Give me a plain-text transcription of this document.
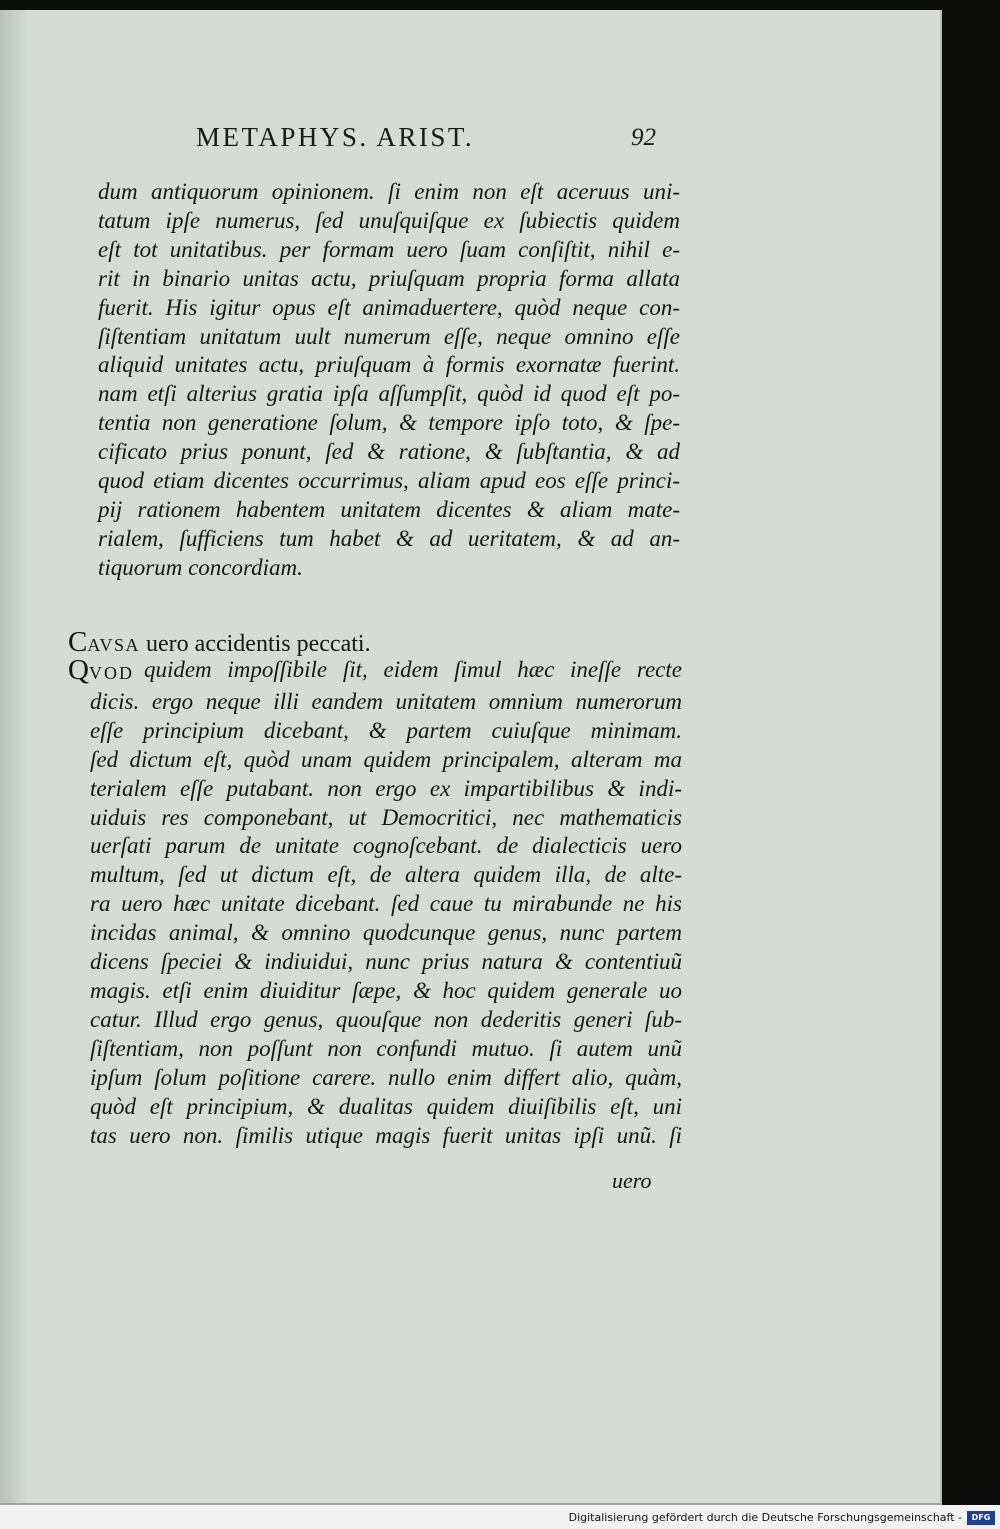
METAPHYS. ARIST.	92
dum antiquorum opinionem. ſi enim non eſt aceruus uni-
tatum ipſe numerus, ſed unuſquiſque ex ſubiectis quidem
eſt tot unitatibus. per formam uero ſuam conſiſtit, nihil e-
rit in binario unitas actu, priuſquam propria forma allata
fuerit. His igitur opus eſt animaduertere, quòd neque con-
ſiſtentiam unitatum uult numerum eſſe, neque omnino eſſe
aliquid unitates actu, priuſquam à formis exornatæ fuerint.
nam etſi alterius gratia ipſa aſſumpſit, quòd id quod eſt po-
tentia non generatione ſolum, & tempore ipſo toto, & ſpe-
cificato prius ponunt, ſed & ratione, & ſubſtantia, & ad
quod etiam dicentes occurrimus, aliam apud eos eſſe princi-
pij rationem habentem unitatem dicentes & aliam mate-
rialem, ſufficiens tum habet & ad ueritatem, & ad an-
tiquorum concordiam.
CAVSA uero accidentis peccati.
QVOD quidem impoſſibile ſit, eidem ſimul hæc ineſſe recte
dicis. ergo neque illi eandem unitatem omnium numerorum
eſſe principium dicebant, & partem cuiuſque minimam.
ſed dictum eſt, quòd unam quidem principalem, alteram ma
terialem eſſe putabant. non ergo ex impartibilibus & indi-
uiduis res componebant, ut Democritici, nec mathematicis
uerſati parum de unitate cognoſcebant. de dialecticis uero
multum, ſed ut dictum eſt, de altera quidem illa, de alte-
ra uero hæc unitate dicebant. ſed caue tu mirabunde ne his
incidas animal, & omnino quodcunque genus, nunc partem
dicens ſpeciei & indiuidui, nunc prius natura & contentiuũ
magis. etſi enim diuiditur ſæpe, & hoc quidem generale uo
catur. Illud ergo genus, quouſque non dederitis generi ſub-
ſiſtentiam, non poſſunt non confundi mutuo. ſi autem unũ
ipſum ſolum poſitione carere. nullo enim differt alio, quàm,
quòd eſt principium, & dualitas quidem diuiſibilis eſt, uni
tas uero non. ſimilis utique magis fuerit unitas ipſi unũ. ſi
uero
Digitalisierung gefördert durch die Deutsche Forschungsgemeinschaft -	DFG
